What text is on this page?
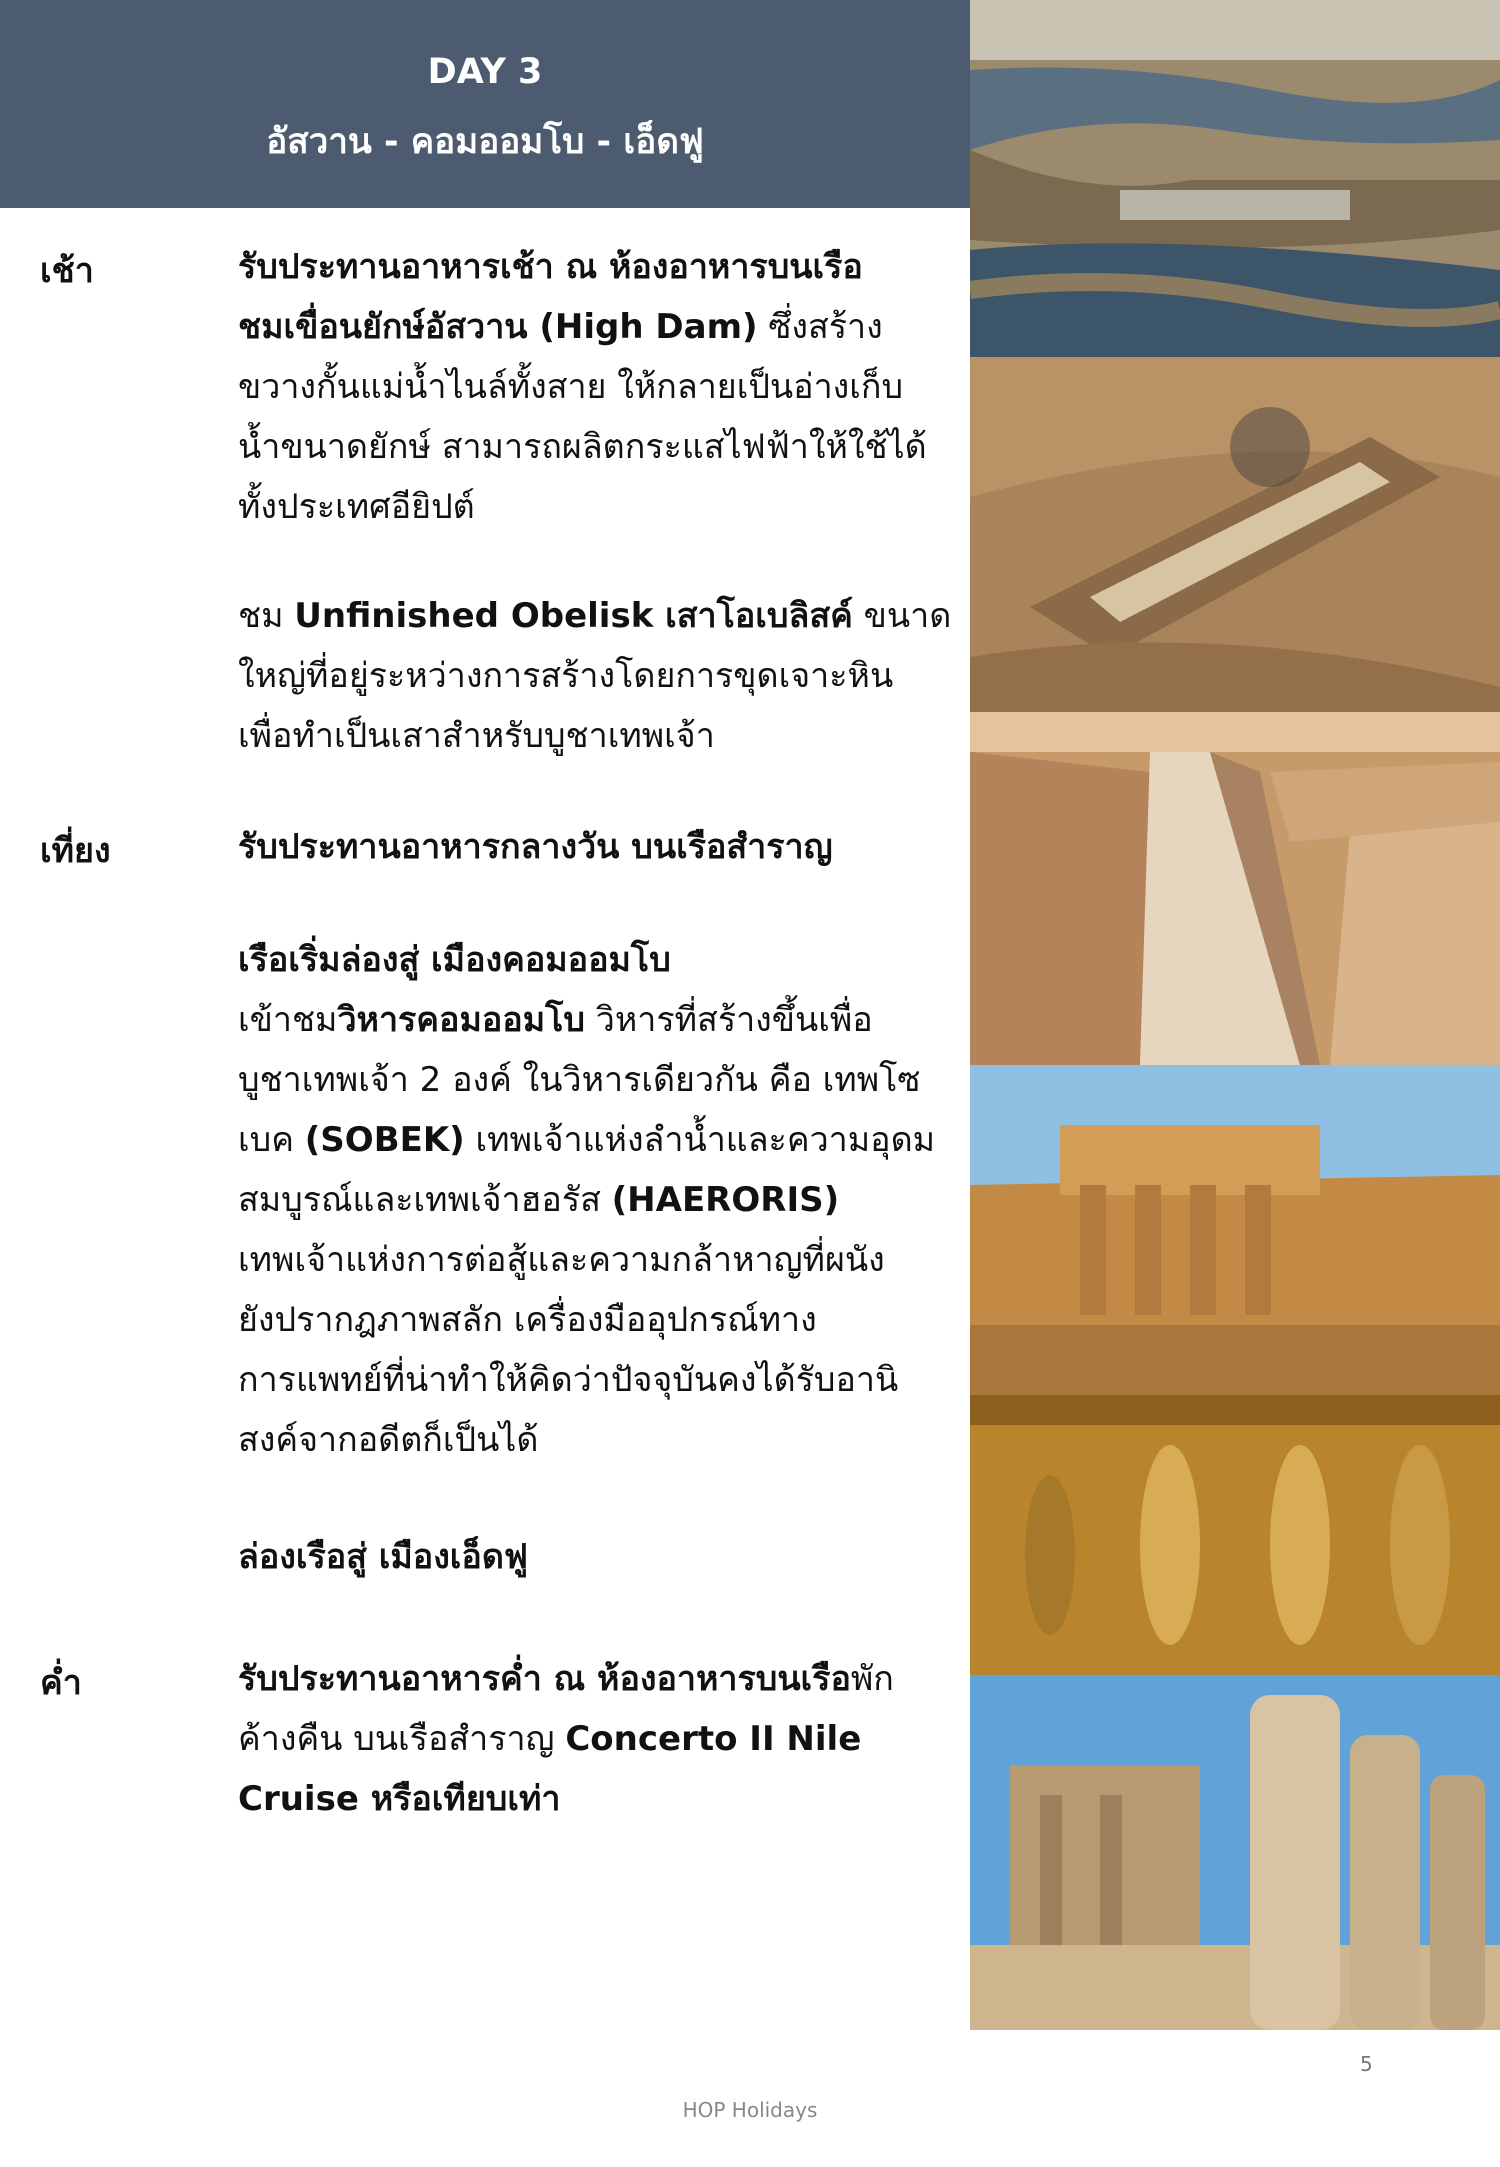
DAY 3
อัสวาน - คอมออมโบ - เอ็ดฟู
เช้า
เที่ยง
ค่ำ
รับประทานอาหารเช้า ณ ห้องอาหารบนเรือ
ชมเขื่อนยักษ์อัสวาน (High Dam) ซึ่งสร้าง
ขวางกั้นแม่น้ำไนล์ทั้งสาย ให้กลายเป็นอ่างเก็บ
น้ำขนาดยักษ์ สามารถผลิตกระแสไฟฟ้าให้ใช้ได้
ทั้งประเทศอียิปต์
ชม Unfinished Obelisk เสาโอเบลิสค์ ขนาด
ใหญ่ที่อยู่ระหว่างการสร้างโดยการขุดเจาะหิน
เพื่อทำเป็นเสาสำหรับบูชาเทพเจ้า
รับประทานอาหารกลางวัน บนเรือสำราญ
เรือเริ่มล่องสู่ เมืองคอมออมโบ
เข้าชมวิหารคอมออมโบ วิหารที่สร้างขึ้นเพื่อ
บูชาเทพเจ้า 2 องค์ ในวิหารเดียวกัน คือ เทพโซ
เบค (SOBEK) เทพเจ้าแห่งลำน้ำและความอุดม
สมบูรณ์และเทพเจ้าฮอรัส (HAERORIS)
เทพเจ้าแห่งการต่อสู้และความกล้าหาญที่ผนัง
ยังปรากฎภาพสลัก เครื่องมืออุปกรณ์ทาง
การแพทย์ที่น่าทำให้คิดว่าปัจจุบันคงได้รับอานิ
สงค์จากอดีตก็เป็นได้
ล่องเรือสู่ เมืองเอ็ดฟู
รับประทานอาหารค่ำ ณ ห้องอาหารบนเรือพัก
ค้างคืน บนเรือสำราญ Concerto II Nile
Cruise หรือเทียบเท่า
5
HOP Holidays
